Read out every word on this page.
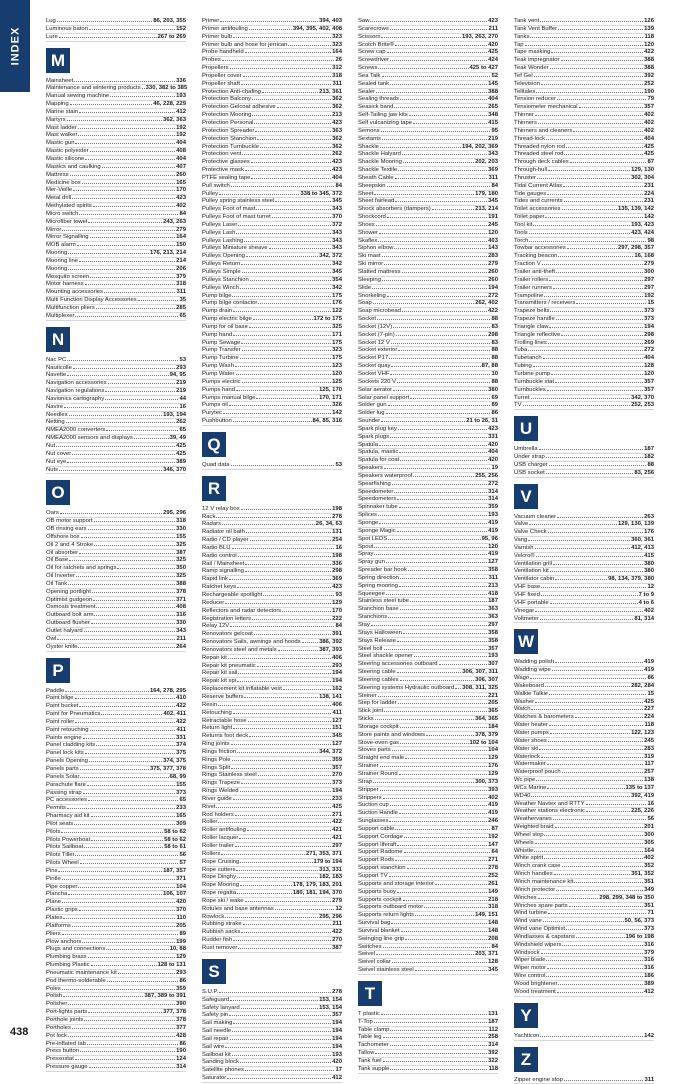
INDEX
Lug	86, 203, 355
Luminous baton	152
Lure	267 to 269
M
Mainsheet	336
Maintenance and wintering products 330, 382 to 385
Manual sewing machine	193
Mapping	46, 228, 229
Marine stain	412
Martyrs	362, 363
Mast ladder	192
Mast walker	192
Mastic gun	404
Mastic polyester	408
Mastic silicone	404
Mastics and caulking	407
Mattress	260
Medicine box	165
Mer-Veille	170
Metal drill	423
Methylated spirits	402
Micro switch	84
Microfiber towel	243, 263
Mirror	279
Mirror Signalling	164
MOB alarm	150
Mooring	176, 213, 214
Mooring line	214
Mooring	206
Mosquito screen	379
Motor harness	318
Mounting accessories	311
Multi Function Display Accessories	35
Multifunction pliers	285
Multiplexer	65
N
Nac PC	53
Nauticolle	293
Navette	94, 95
Navigation accessories	219
Navigation regulations	219
Navionics cartography	44
Navire	16
Needles	193, 194
Netting	262
NMEA2000 converters	65
NMEA2000 sensors and displays	39, 49
Nut	425
Nut cover	425
Nut eye	389
Nuts	346, 370
O
Oars	295, 296
OB motor support	318
OB rinsing ears	330
Offshore box	155
Oil 2 and 4 Stroke	325
Oil absorber	387
Oil Base	325
Oil for ratchets and springs	350
Oil Inverter	325
Oil Tank	388
Opening portlight	378
Optimist gudgeon	371
Osmosis treatment	408
Outboard bolt arm	316
Outboard flusher	330
Outlet halyard	343
Owl	211
Oyster knife	264
P
Paddle	164, 278, 295
Paint bilge	410
Paint bucket	422
Paint for Pneumatics	402, 411
Paint roller	422
Paint retouching	411
Paints engine	331
Panel cladding kits	374
Panel lock kits	375
Panels Opening	374, 375
Panels parts	375, 377, 378
Panels Solar	68, 99
Parachute flare	155
Passing strap	373
PC accessories	65
Permits	233
Pharmacy aid kit	165
Pilot seats	309
Pilots	58 to 62
Pilots Powerboat	58 to 62
Pilots Sailboat	58 to 61
Pilots Tiller	56
Pilots Wheel	57
Pins	187, 357
Pintle	371
Pipe copper	104
Plancha	106, 107
Plane	420
Plastic grips	370
Plates	110
Platforms	205
Pliers	89
Plow anchors	199
Plugs and connections	10, 88
Plumbing brass	129
Plumbing Plastic	128 to 131
Pneumatic maintenance kit	293
Pod thermo-solderable	86
Poles	359
Polish	387, 389 to 391
Polisher	390
Port-lights parts	377, 378
Porthole joints	378
Portholes	377
Pot lock	428
Pre-inflated tab	86
Press button	190
Pressostat	124
Pressure gauge	314
Primer	394, 403
Primer antifouling	394, 395, 402, 408
Primer bulb	323
Primer bulb and hose for jerrican	323
Probe handheld	164
Probes	26
Propellers	312
Propeller cover	318
Propeller shaft	311
Protection Anti-chafing	213, 361
Protection Balcony	362
Protection Gelcoat adhesive	362
Protection Mooring	213
Protection Personal	423
Protection Spreader	363
Protection Stanchion	362
Protection Turnbuckle	362
Protection vent	262
Protective glasses	423
Protective mask	423
PTFE sealing tape	404
Pull switch	84
Pulley	338 to 345, 372
Pulley spring stainless steel	345
Pulleys Foot of mast	343
Pulleys Foot of mast turret	370
Pulleys Laser	372
Pulleys Lash	343
Pulleys Lashing	343
Pulleys Miniature sheave	343
Pulleys Opening	342, 372
Pulleys Return	342
Pulleys Simple	345
Pulleys Stanchion	354
Pulleys Winch	342
Pump bilge	175
Pump bilge contactor	176
Pump drain	122
Pump electric bilge	172 to 175
Pump for oil base	325
Pump hand	171
Pump Sewage	175
Pump Transfer	323
Pump Turbine	175
Pump Wash	123
Pump Water	120
Pumps electric	125
Pumps hand	125, 170
Pumps manual bilge	170, 171
Pumps oil	326
Purytec	142
Pushbutton	84, 85, 316
Q
Quad data	53
R
12 V relay box	198
Rack	278
Radars	26, 34, 63
Radiator oil bath	131
Radio / CD player	254
Radio BLU	16
Radio control	198
Rail / Mainsheet	336
Ramp signalling	298
Rapid link	369
Ratchet keys	423
Rechargeable spotlight	93
Reducer	129
Reflectors and radar detectors	170
Registration letters	222
Relay 12V	84
Renovators gelcoat	391
Renovators Sails, awnings and hoods	386, 392
Renovators steel and metals	387, 393
Repair kit	406
Repair kit pneumatic	293
Repair kit sail	194
Repair kit spi	194
Replacement kit inflatable vest	162
Reserve buffers	138, 141
Resin	406
Retouching	411
Retractable hose	127
Return light	151
Returns foot deck	345
Ring joints	127
Rings friction	344, 372
Rings Pole	359
Rings Split	357
Rings Stainless steel	270
Rings Trapeze	373
Rings Welded	194
River guide	233
Rivet	425
Rod holders	271
Roller	422
Roller antifouling	421
Roller lacquer	421
Roller trailer	297
Rollers	271, 353, 371
Rope Cruising	179 to 194
Rope cutters	313, 331
Rope Dinghy	182, 183
Rope Mooring	178, 179, 183, 201
Rope regatta	180, 181, 194, 370
Rope ski / wake	279
Rotules and base antennas	12
Rowlock	295, 296
Rubbing strake	211
Rubbish sacks	422
Rudder fish	270
Rust remover	387
S
S.U.P.	278
Safeguard	153, 154
Safety lanyard	153, 154
Safety pin	357
Sail making	194
Sail needle	194
Sail repair	194
Sail wire	194
Sailboat kit	193
Sanding block	420
Satellite phones	17
Saturator	412
Saw	423
Scarecrows	211
Scissors	193, 263, 270
Scotch Brite®	420
Screw cap	425
Screwdriver	424
Screws	425 to 427
Sea Talk	52
Sealed tank	145
Sealer	388
Sealing threads	404
Seasick band	265
Self-Tailing jaw kits	348
Self vulcanizing tape	415
Semons	95
Sextants	219
Shackle	194, 202, 369
Shackle Halyard	343
Shackle Mooring	202, 203
Shackle Textile	369
Sheath Cable	311
Sheepskin	84
Sheet	179, 180
Sheet fairlead	345
Shock absorbers (dampers)	213, 214
Shockcord	191
Shoes	245
Shower	120
Skaflex	403
Siphon elbow	143
Ski mast	283
Ski mirror	279
Slatted mattress	260
Sleeping	260
Slide	194
Snorkeling	272
Soap	262, 402
Soap microbead	422
Socket	88
Socket (12V)	83
Socket (7-pin)	298
Socket 12 V	83
Socket exterior	88
Socket P17	88
Socket quay	87, 88
Socket VHF	10
Sockets 220 V	88
Solar aerator	380
Solar panel support	69
Solder gun	89
Solder lug	86
Sounder	21 to 26, 31
Spark plug key	423
Spark plugs	331
Spatula	420
Spatula, mastic	404
Spatula for coat	420
Speakers	19
Speakers waterproof	255, 256
Spearfishing	272
Speedometer	314
Speedometers	314
Spinnaker tube	359
Splices	193
Sponge	419
Sponge Magic	419
Spot LEDS	95, 96
Spout	120
Spray	419
Spray gun	127
Spreader bar hook	358
Spring direction	311
Spring mooring	213
Squeegee	418
Stainless steel tube	187
Stanchion base	363
Stanchions	363
Stay	297
Stays Halloween	358
Stays Release	358
Steel bolt	357
Steel shackle opener	193
Steering accessories outboard	307
Steering cable	306, 307, 311
Steering cables	306, 307
Steering systems Hydraulic outboard 308, 311, 325
Steiner	221
Step for ladder	205
Stick joint	365
Sticks	364, 365
Storage cockpit	184
Store paints and windows	378, 379
Stove-oven gas	102 to 104
Stoves parts	104
Straight end male	129
Strainer	176
Strainer Round	129
Strap	300, 373
Stripper	393
Strippers	402
Suction cup	419
Suction Handle	419
Sunglasses	246
Support cable	87
Support Cordage	192
Support liferaft	147
Support Radome	64
Support Rods	271
Support stanchion	278
Support TV	252
Supports and storage interior	261
Supports buoy	149
Supports cockpit	218
Supports outboard motor	318
Supports return lights	149, 151
Survival bag	148
Survival blanket	148
Swinging line grip	208
Switches	84
Swivel	203, 371
Swivel collar	128
Swivel stainless steel	345
T
T plastic	131
T-Top	187
Table clamp	112
Table leg	258
Tachometer	314
Tallow	392
Tank fuel	322
Tank supple	118
Tank vent	126
Tank Vent Buffer	139
Tanks	118
Tap	120
Tape masking	422
Teak impregnator	388
Teak Wonder	388
Tef Gel	392
Television	252
Telltales	190
Tension reducer	79
Tensiometer mechanical	357
Thinner	402
Thinners	402
Thinners and cleaners	402
Thread-lock	404
Threaded nylon rod	425
Threaded steel rod	425
Through deck cables	87
Through-hull	129, 130
Thruster	302, 304
Tidal Current Atlas	231
Tide gauges	224
Tides and currents	231
Toilet accessories	135, 139, 142
Toilet paper	142
Tool kit	193, 423
Tools	423, 424
Torch	98
Towbar accessories	297, 298, 357
Tracking beacon	16, 168
Traction V	279
Trailer anti-theft	300
Trailer rollers	297
Trailer runners	297
Trampoline	192
Transmitters / receivers	15
Trapeze belts	373
Trapeze handle	373
Triangle claw	194
Triangle reflective	298
Trolling lines	269
Tuba	272
Tubetanch	404
Tubing	128
Turbine pump	120
Turnbuckle stat	357
Turnbuckles	357
Turret	342, 370
TV	252, 253
U
Umbrella	187
Under strap	182
USB charger	88
USB socket	83, 256
V
Vacuum cleaner	263
Valve	129, 130, 139
Valve Check	176
Vang	360, 361
Varnish	412, 413
Velcro®	415
Ventilation grill	380
Ventilation kit	380
Ventilator cabin	98, 134, 379, 380
VHF base	12
VHF fixed	7 to 9
VHF portable	4 to 6
Vinegar	402
Voltmeter	81, 314
W
Wadding polish	419
Wadding wipe	419
Wago	86
Wakeboard	282, 284
Walkie Talkie	15
Washer	425
Watch	227
Watches & barometers	224
Water heater	118
Water pumps	122, 123
Water shoes	245
Water ski	283
Waterlock	319
Watermaker	117
Waterproof pouch	257
Wc pipe	138
WCs Marine	135 to 137
WD40	392, 419
Weather Navtex and RTTY	16
Weather stations electronic	225, 226
Weathervanes	56
Weighted braid	201
Wheel stop	300
Wheels	305
Whistle	164
White spirit	402
Winch crank case	352
Winch handles	351, 352
Winch maintenance kit	351
Winch protector	349
Winches	298, 299, 348 to 350
Winches spare parts	351
Wind turbine	71
Wind vane	50, 56, 373
Wind vane Optimist	373
Windlasses & capstans	196 to 198
Windshield wipers	316
Windsock	379
Wiper blade	316
Wiper motor	316
Wire control	186
Wood brightener	389
Wood treatment	412
Y
Yachticon	142
Z
Zipper engine stop	311
438
